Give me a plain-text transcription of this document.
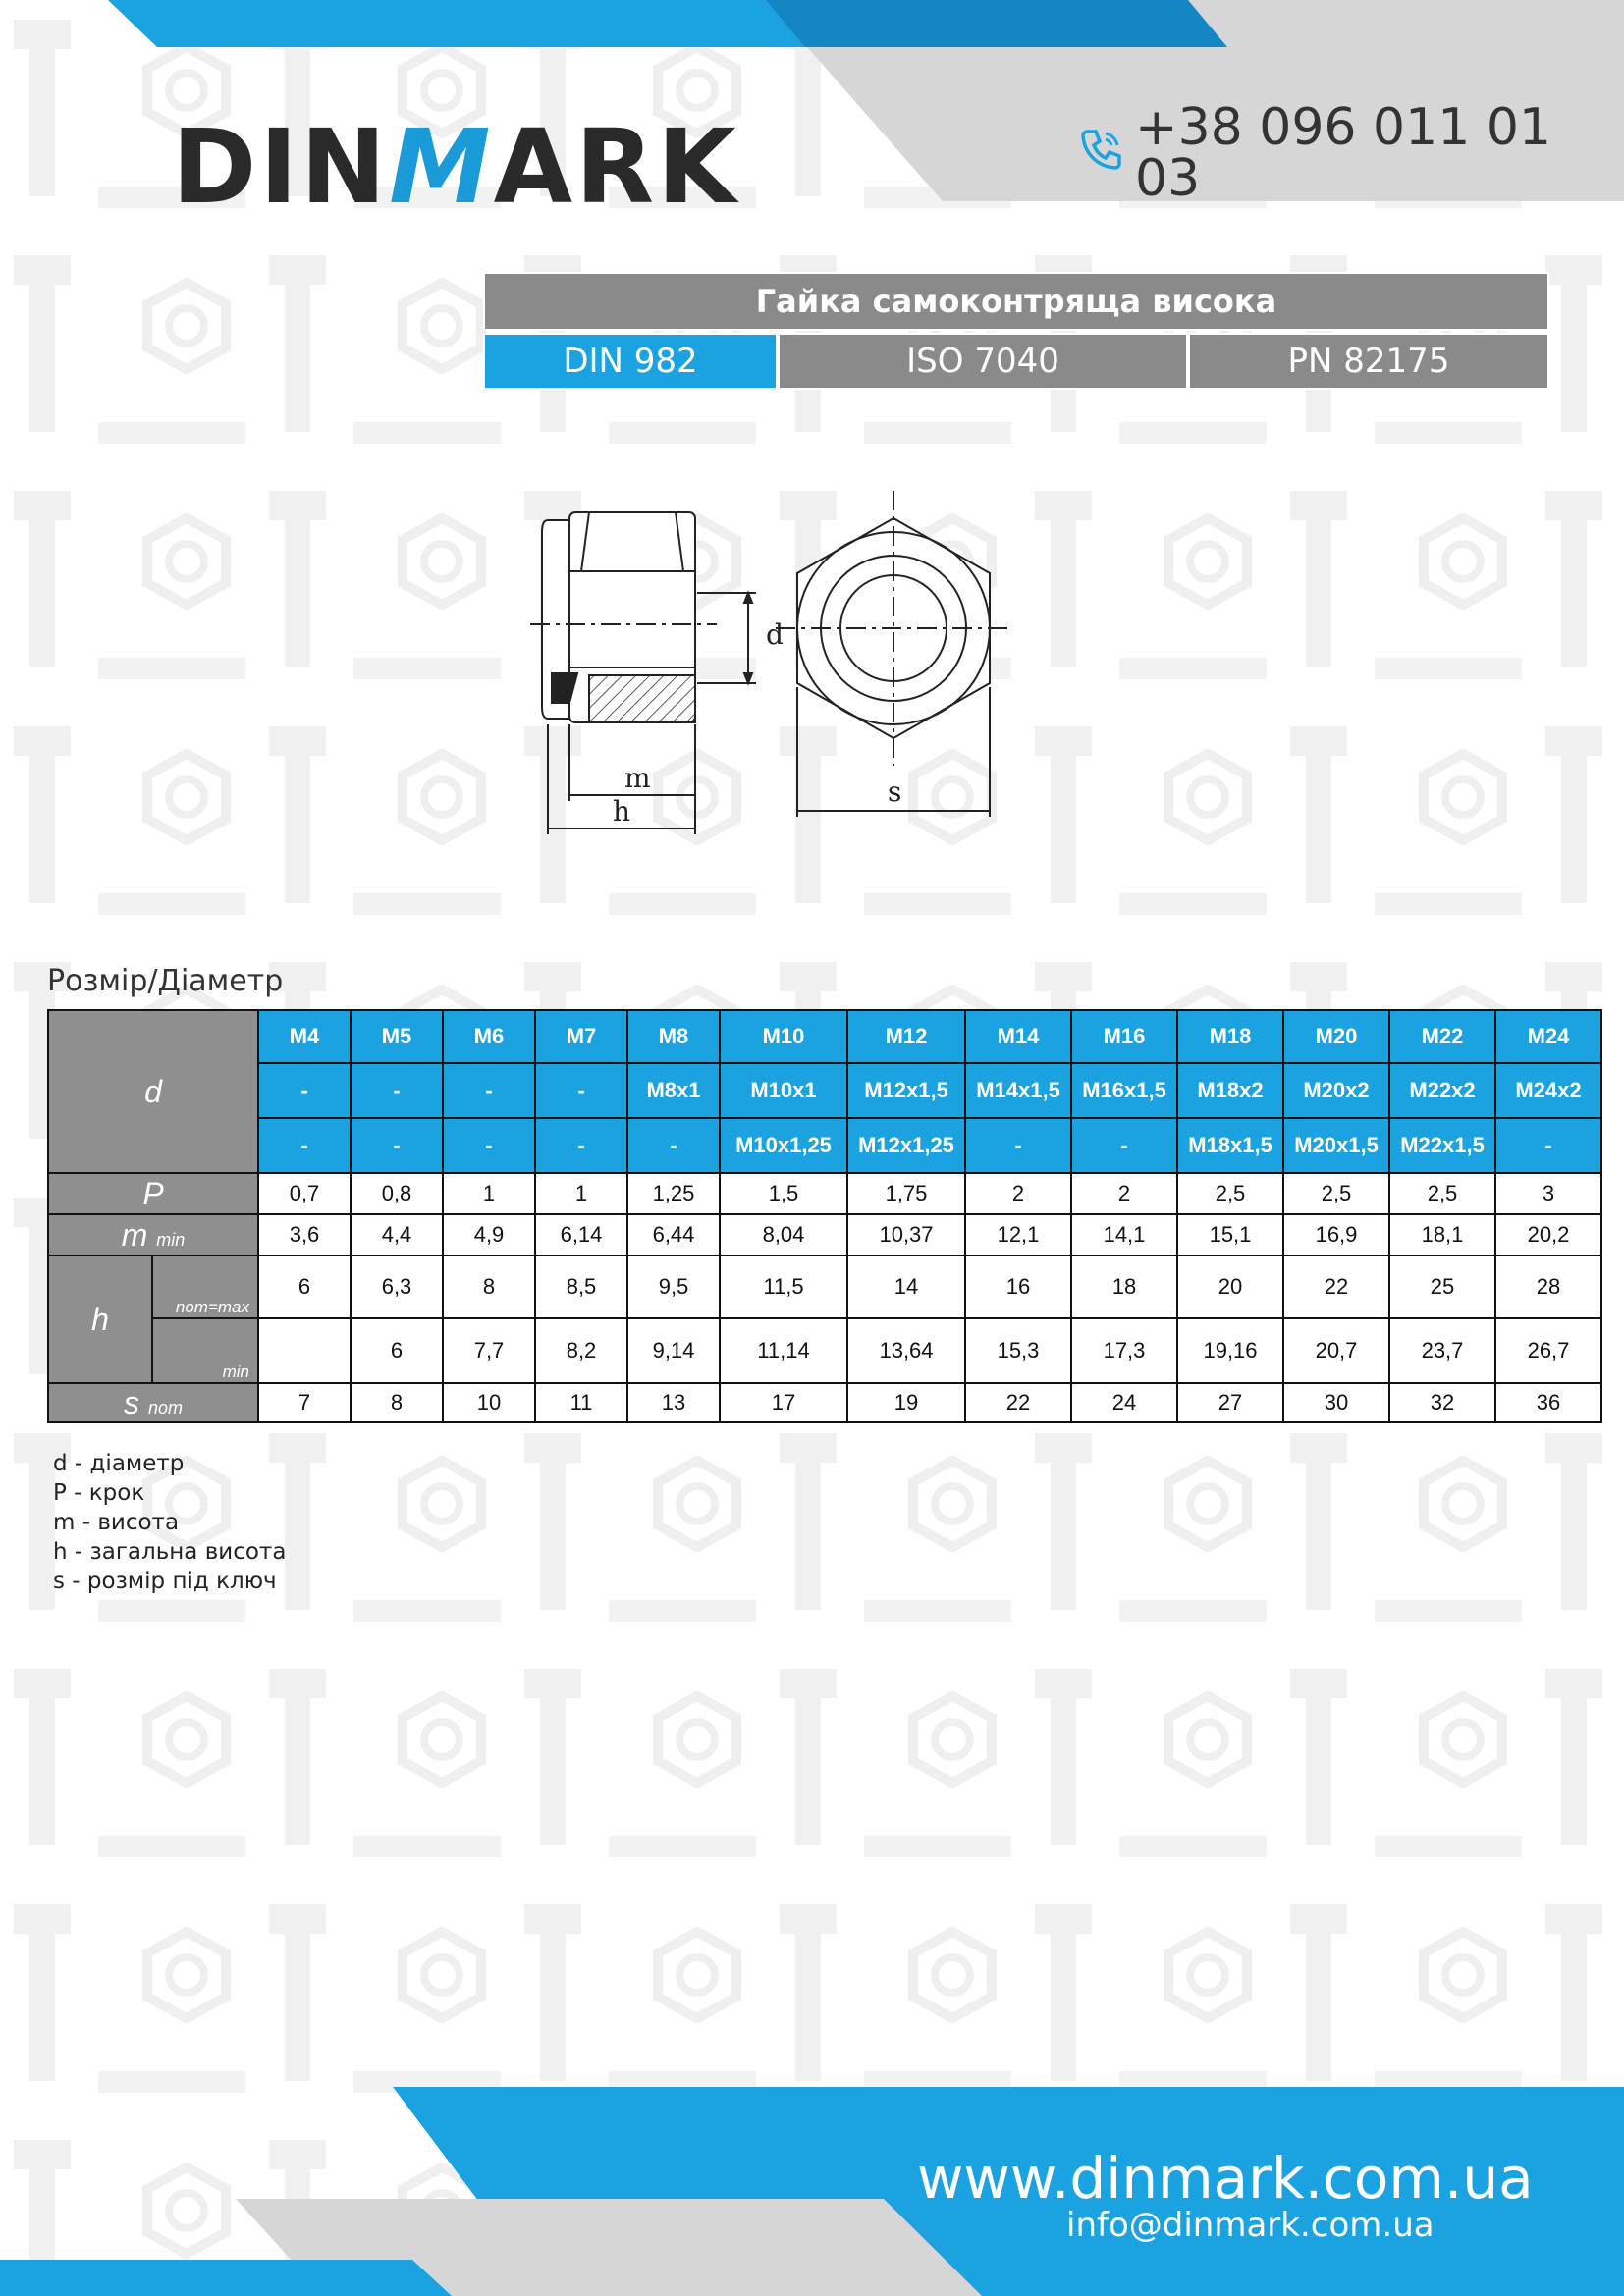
DINMARK	+38 096 011 01 03
Гайка самоконтряща висока
DIN 982	ISO 7040	PN 82175
d
m
h
s
Розмір/Діаметр
d		M4	M5	M6	M7	M8	M10	M12	M14	M16	M18	M20	M22	M24
		-	-	-	-	M8x1	M10x1	M12x1,5	M14x1,5	M16x1,5	M18x2	M20x2	M22x2	M24x2
		-	-	-	-	-	M10x1,25	M12x1,25	-	-	M18x1,5	M20x1,5	M22x1,5	-
P		0,7	0,8	1	1	1,25	1,5	1,75	2	2	2,5	2,5	2,5	3
m min		3,6	4,4	4,9	6,14	6,44	8,04	10,37	12,1	14,1	15,1	16,9	18,1	20,2
h	nom=max	6	6,3	8	8,5	9,5	11,5	14	16	18	20	22	25	28
	min		6	7,7	8,2	9,14	11,14	13,64	15,3	17,3	19,16	20,7	23,7	26,7
s nom		7	8	10	11	13	17	19	22	24	27	30	32	36
d - діаметр
P - крок
m - висота
h - загальна висота
s - розмір під ключ
www.dinmark.com.ua
info@dinmark.com.ua
